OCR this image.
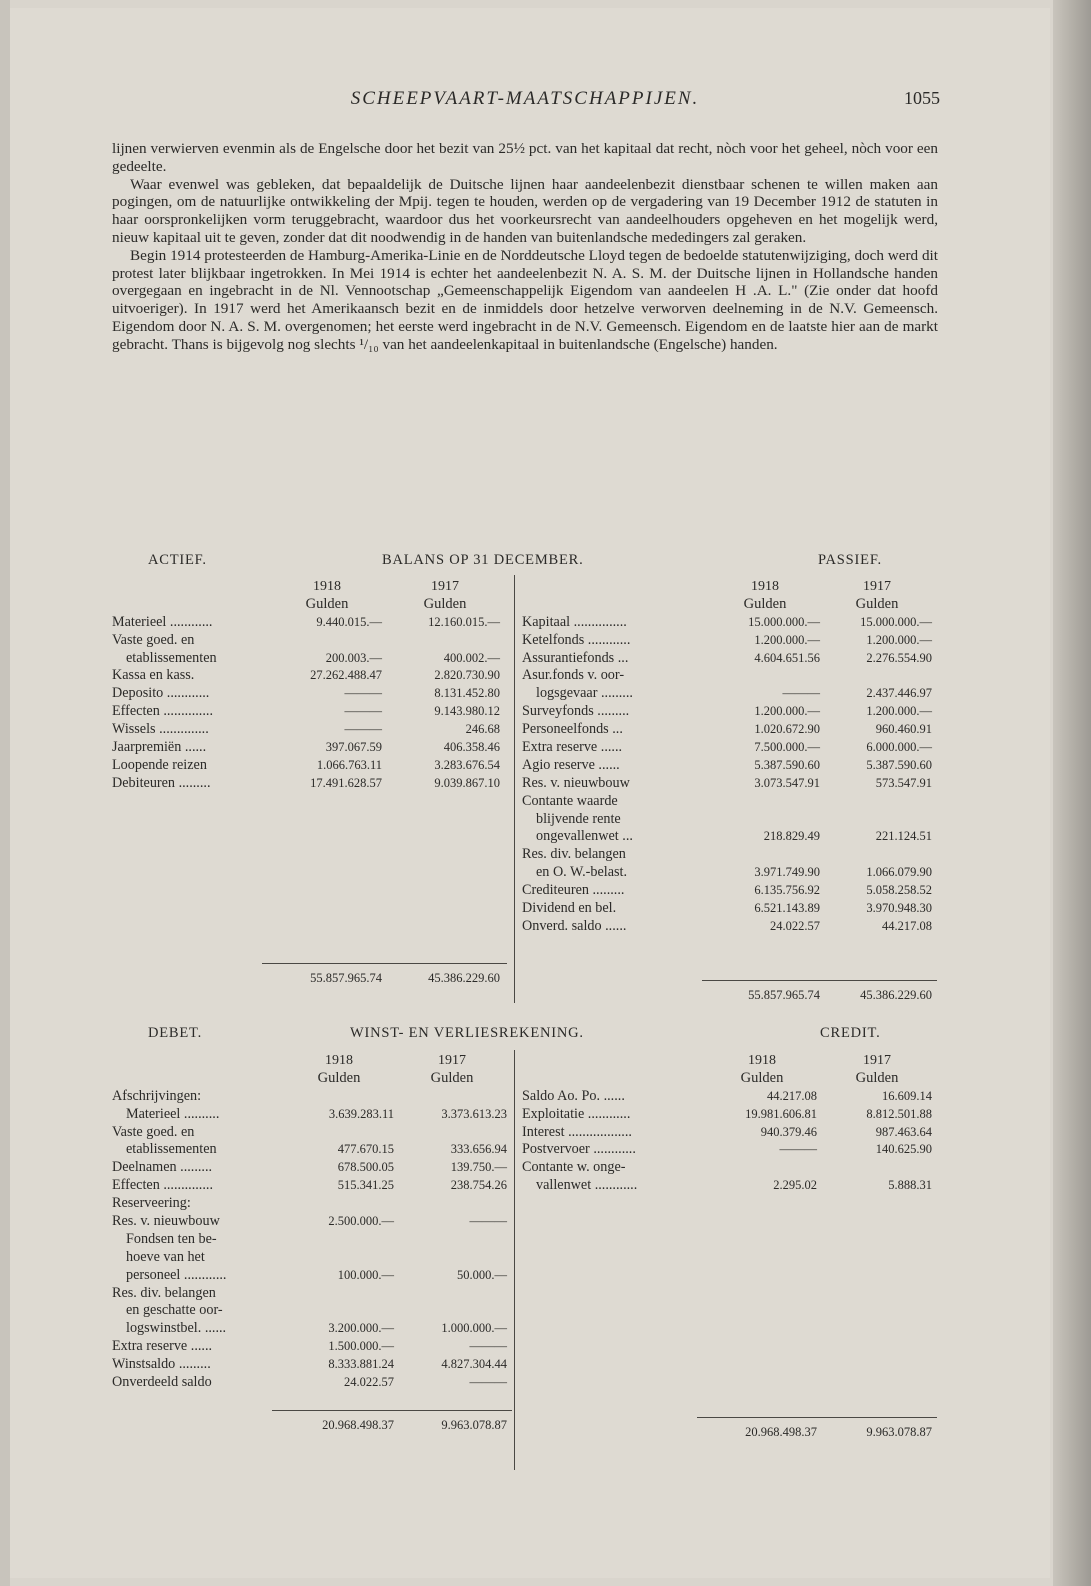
SCHEEPVAART-MAATSCHAPPIJEN.	1055

lijnen verwierven evenmin als de Engelsche door het bezit van 25½ pct. van het kapitaal dat recht, nòch voor het geheel, nòch voor een gedeelte.

Waar evenwel was gebleken, dat bepaaldelijk de Duitsche lijnen haar aandeelenbezit dienstbaar schenen te willen maken aan pogingen, om de natuurlijke ontwikkeling der Mpij. tegen te houden, werden op de vergadering van 19 December 1912 de statuten in haar oorspronkelijken vorm teruggebracht, waardoor dus het voorkeursrecht van aandeelhouders opgeheven en het mogelijk werd, nieuw kapitaal uit te geven, zonder dat dit noodwendig in de handen van buitenlandsche mededingers zal geraken.

Begin 1914 protesteerden de Hamburg-Amerika-Linie en de Norddeutsche Lloyd tegen de bedoelde statutenwijziging, doch werd dit protest later blijkbaar ingetrokken. In Mei 1914 is echter het aandeelenbezit N. A. S. M. der Duitsche lijnen in Hollandsche handen overgegaan en ingebracht in de Nl. Vennootschap „Gemeenschappelijk Eigendom van aandeelen H .A. L." (Zie onder dat hoofd uitvoeriger). In 1917 werd het Amerikaansch bezit en de inmiddels door hetzelve verworven deelneming in de N.V. Gemeensch. Eigendom door N. A. S. M. overgenomen; het eerste werd ingebracht in de N.V. Gemeensch. Eigendom en de laatste hier aan de markt gebracht. Thans is bijgevolg nog slechts ¹/₁₀ van het aandeelenkapitaal in buitenlandsche (Engelsche) handen.

ACTIEF.	BALANS OP 31 DECEMBER.	PASSIEF.
1918	1917
Gulden	Gulden
Materieel ............	9.440.015.—	12.160.015.—
Vaste goed. en
etablissementen	200.003.—	400.002.—
Kassa en kass.	27.262.488.47	2.820.730.90
Deposito ............	———	8.131.452.80
Effecten ..............	———	9.143.980.12
Wissels ..............	———	246.68
Jaarpremiën ......	397.067.59	406.358.46
Loopende reizen	1.066.763.11	3.283.676.54
Debiteuren .........	17.491.628.57	9.039.867.10
55.857.965.74	45.386.229.60
1918	1917
Gulden	Gulden
Kapitaal ...............	15.000.000.—	15.000.000.—
Ketelfonds ............	1.200.000.—	1.200.000.—
Assurantiefonds ...	4.604.651.56	2.276.554.90
Asur.fonds v. oor-
logsgevaar .........	———	2.437.446.97
Surveyfonds .........	1.200.000.—	1.200.000.—
Personeelfonds ...	1.020.672.90	960.460.91
Extra reserve ......	7.500.000.—	6.000.000.—
Agio reserve ......	5.387.590.60	5.387.590.60
Res. v. nieuwbouw	3.073.547.91	573.547.91
Contante waarde
blijvende rente
ongevallenwet ...	218.829.49	221.124.51
Res. div. belangen
en O. W.-belast.	3.971.749.90	1.066.079.90
Crediteuren .........	6.135.756.92	5.058.258.52
Dividend en bel.	6.521.143.89	3.970.948.30
Onverd. saldo ......	24.022.57	44.217.08
55.857.965.74	45.386.229.60
DEBET.	WINST- EN VERLIESREKENING.	CREDIT.
1918	1917
Gulden	Gulden
Afschrijvingen:
Materieel ..........	3.639.283.11	3.373.613.23
Vaste goed. en
etablissementen	477.670.15	333.656.94
Deelnamen .........	678.500.05	139.750.—
Effecten ..............	515.341.25	238.754.26
Reserveering:
Res. v. nieuwbouw	2.500.000.—	———
Fondsen ten be-
hoeve van het
personeel ............	100.000.—	50.000.—
Res. div. belangen
en geschatte oor-
logswinstbel. ......	3.200.000.—	1.000.000.—
Extra reserve ......	1.500.000.—	———
Winstsaldo .........	8.333.881.24	4.827.304.44
Onverdeeld saldo	24.022.57	———
20.968.498.37	9.963.078.87
1918	1917
Gulden	Gulden
Saldo Ao. Po. ......	44.217.08	16.609.14
Exploitatie ............	19.981.606.81	8.812.501.88
Interest ..................	940.379.46	987.463.64
Postvervoer ............	———	140.625.90
Contante w. onge-
vallenwet ............	2.295.02	5.888.31
20.968.498.37	9.963.078.87
